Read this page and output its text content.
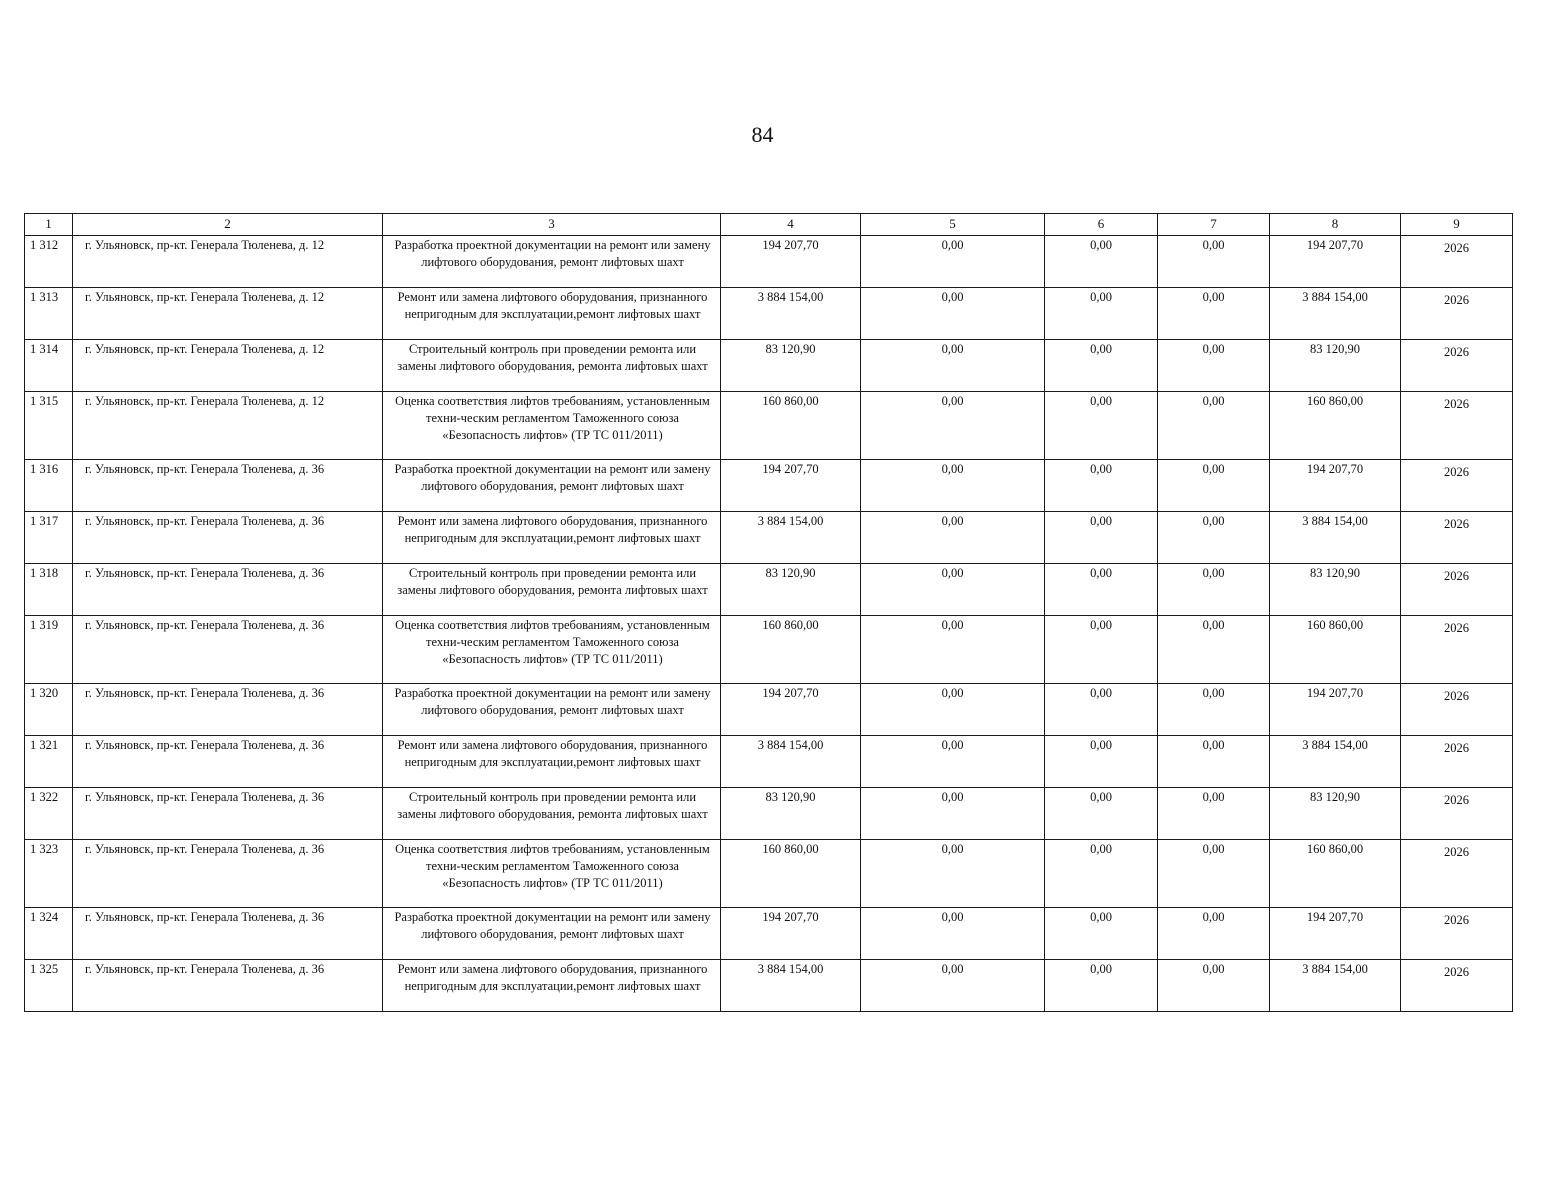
84
1	2	3	4	5	6	7	8	9
1 312	г. Ульяновск, пр-кт. Генерала Тюленева, д. 12	Разработка проектной документации на ремонт или замену лифтового оборудования, ремонт лифтовых шахт	194 207,70	0,00	0,00	0,00	194 207,70	2026
1 313	г. Ульяновск, пр-кт. Генерала Тюленева, д. 12	Ремонт или замена лифтового оборудования, признанного непригодным для эксплуатации,ремонт лифтовых шахт	3 884 154,00	0,00	0,00	0,00	3 884 154,00	2026
1 314	г. Ульяновск, пр-кт. Генерала Тюленева, д. 12	Строительный контроль при проведении ремонта или замены лифтового оборудования, ремонта лифтовых шахт	83 120,90	0,00	0,00	0,00	83 120,90	2026
1 315	г. Ульяновск, пр-кт. Генерала Тюленева, д. 12	Оценка соответствия лифтов требованиям, установленным техни-ческим регламентом Таможенного союза «Безопасность лифтов» (ТР ТС 011/2011)	160 860,00	0,00	0,00	0,00	160 860,00	2026
1 316	г. Ульяновск, пр-кт. Генерала Тюленева, д. 36	Разработка проектной документации на ремонт или замену лифтового оборудования, ремонт лифтовых шахт	194 207,70	0,00	0,00	0,00	194 207,70	2026
1 317	г. Ульяновск, пр-кт. Генерала Тюленева, д. 36	Ремонт или замена лифтового оборудования, признанного непригодным для эксплуатации,ремонт лифтовых шахт	3 884 154,00	0,00	0,00	0,00	3 884 154,00	2026
1 318	г. Ульяновск, пр-кт. Генерала Тюленева, д. 36	Строительный контроль при проведении ремонта или замены лифтового оборудования, ремонта лифтовых шахт	83 120,90	0,00	0,00	0,00	83 120,90	2026
1 319	г. Ульяновск, пр-кт. Генерала Тюленева, д. 36	Оценка соответствия лифтов требованиям, установленным техни-ческим регламентом Таможенного союза «Безопасность лифтов» (ТР ТС 011/2011)	160 860,00	0,00	0,00	0,00	160 860,00	2026
1 320	г. Ульяновск, пр-кт. Генерала Тюленева, д. 36	Разработка проектной документации на ремонт или замену лифтового оборудования, ремонт лифтовых шахт	194 207,70	0,00	0,00	0,00	194 207,70	2026
1 321	г. Ульяновск, пр-кт. Генерала Тюленева, д. 36	Ремонт или замена лифтового оборудования, признанного непригодным для эксплуатации,ремонт лифтовых шахт	3 884 154,00	0,00	0,00	0,00	3 884 154,00	2026
1 322	г. Ульяновск, пр-кт. Генерала Тюленева, д. 36	Строительный контроль при проведении ремонта или замены лифтового оборудования, ремонта лифтовых шахт	83 120,90	0,00	0,00	0,00	83 120,90	2026
1 323	г. Ульяновск, пр-кт. Генерала Тюленева, д. 36	Оценка соответствия лифтов требованиям, установленным техни-ческим регламентом Таможенного союза «Безопасность лифтов» (ТР ТС 011/2011)	160 860,00	0,00	0,00	0,00	160 860,00	2026
1 324	г. Ульяновск, пр-кт. Генерала Тюленева, д. 36	Разработка проектной документации на ремонт или замену лифтового оборудования, ремонт лифтовых шахт	194 207,70	0,00	0,00	0,00	194 207,70	2026
1 325	г. Ульяновск, пр-кт. Генерала Тюленева, д. 36	Ремонт или замена лифтового оборудования, признанного непригодным для эксплуатации,ремонт лифтовых шахт	3 884 154,00	0,00	0,00	0,00	3 884 154,00	2026
